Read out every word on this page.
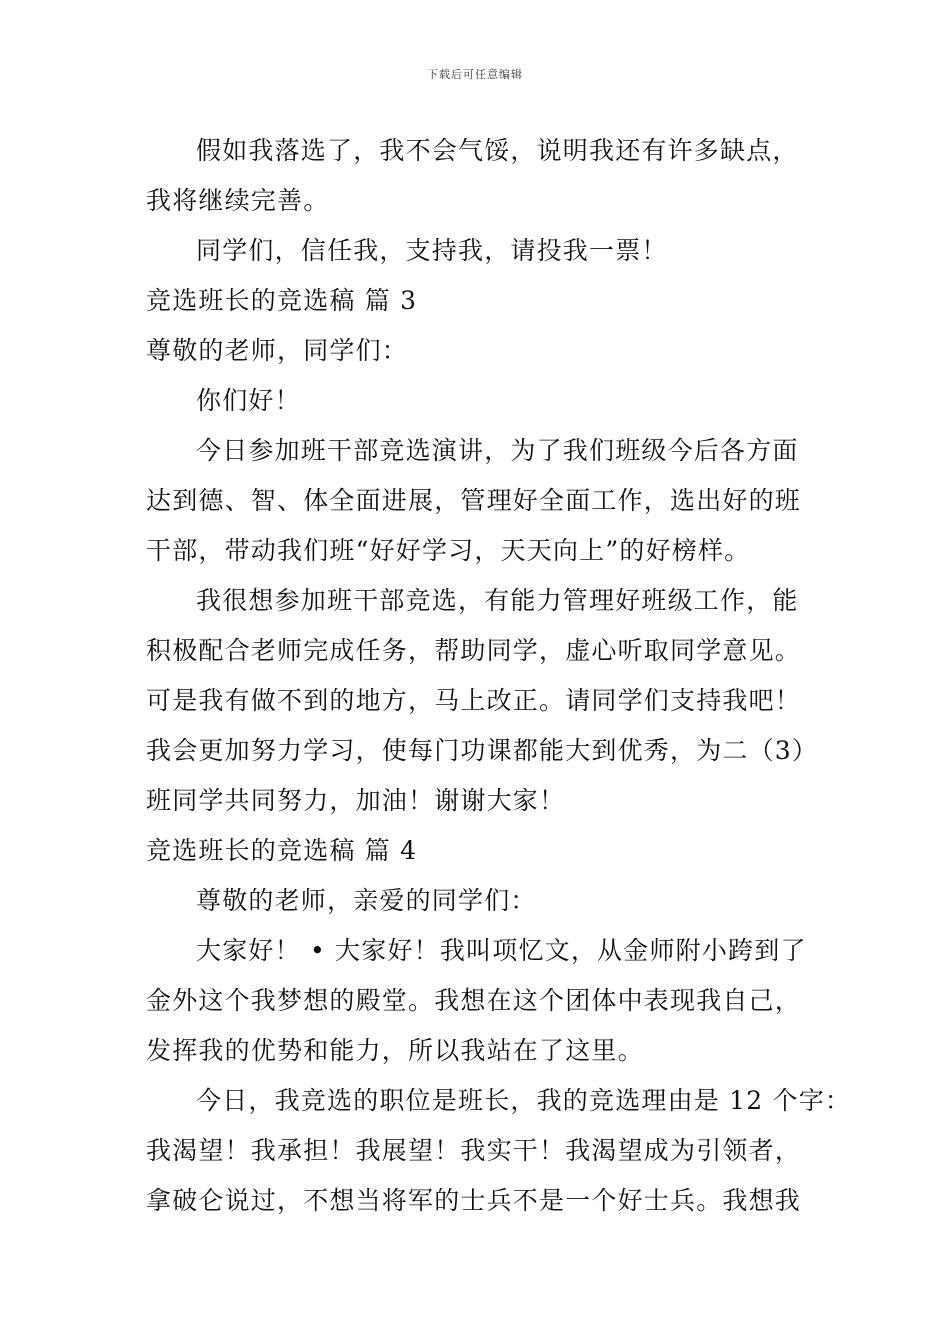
下载后可任意编辑
假如我落选了，我不会气馁，说明我还有许多缺点，
我将继续完善。
同学们，信任我，支持我，请投我一票！
竞选班长的竞选稿 篇 3
尊敬的老师，同学们：
你们好！
今日参加班干部竞选演讲，为了我们班级今后各方面
达到德、智、体全面进展，管理好全面工作，选出好的班
干部，带动我们班“好好学习，天天向上”的好榜样。
我很想参加班干部竞选，有能力管理好班级工作，能
积极配合老师完成任务，帮助同学，虚心听取同学意见。
可是我有做不到的地方，马上改正。请同学们支持我吧！
我会更加努力学习，使每门功课都能大到优秀，为二（3）
班同学共同努力，加油！谢谢大家！
竞选班长的竞选稿 篇 4
尊敬的老师，亲爱的同学们：
大家好！ • 大家好！我叫项忆文，从金师附小跨到了
金外这个我梦想的殿堂。我想在这个团体中表现我自己，
发挥我的优势和能力，所以我站在了这里。
今日，我竞选的职位是班长，我的竞选理由是 12 个字：
我渴望！我承担！我展望！我实干！我渴望成为引领者，
拿破仑说过，不想当将军的士兵不是一个好士兵。我想我
